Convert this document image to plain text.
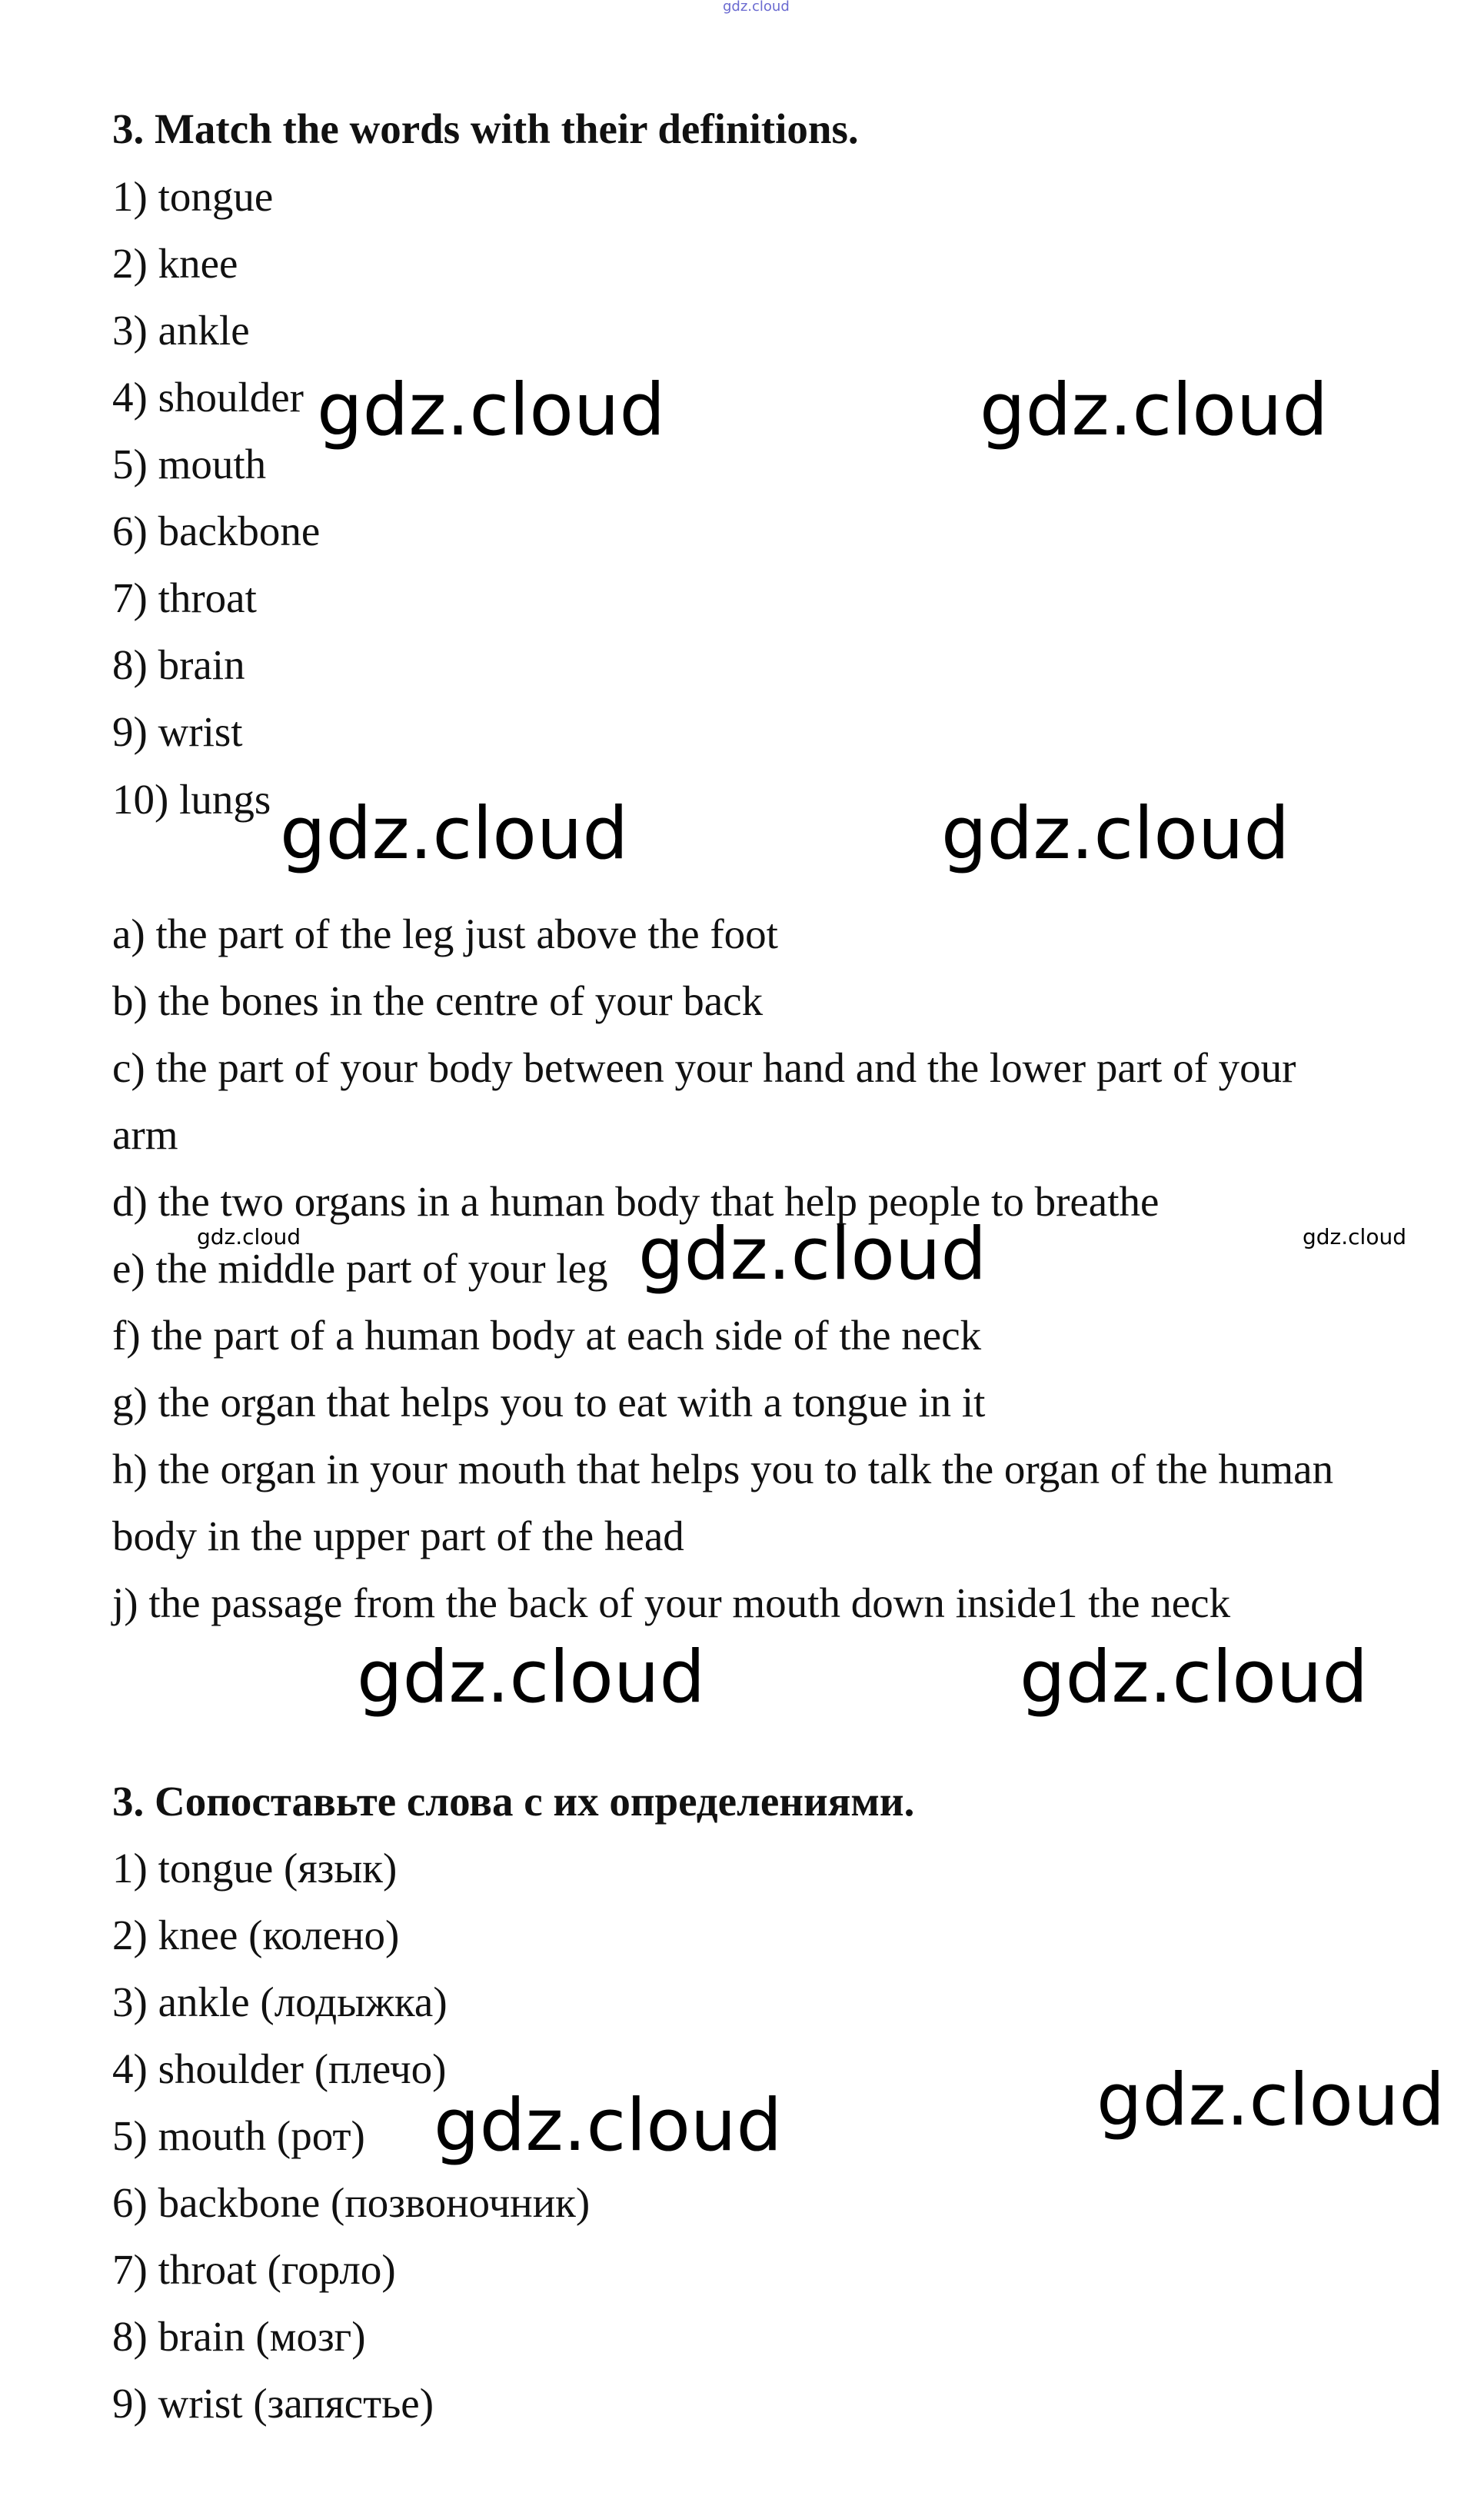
gdz.cloud
3. Match the words with their definitions.
1) tongue
2) knee
3) ankle
4) shoulder
5) mouth
6) backbone
7) throat
8) brain
9) wrist
10) lungs
a) the part of the leg just above the foot
b) the bones in the centre of your back
c) the part of your body between your hand and the lower part of your
arm
d) the two organs in a human body that help people to breathe
e) the middle part of your leg
f) the part of a human body at each side of the neck
g) the organ that helps you to eat with a tongue in it
h) the organ in your mouth that helps you to talk the organ of the human
body in the upper part of the head
j) the passage from the back of your mouth down inside1 the neck
3. Сопоставьте слова с их определениями.
1) tongue (язык)
2) knee (колено)
3) ankle (лодыжка)
4) shoulder (плечо)
5) mouth (рот)
6) backbone (позвоночник)
7) throat (горло)
8) brain (мозг)
9) wrist (запястье)
gdz.cloud	gdz.cloud
gdz.cloud	gdz.cloud
gdz.cloud	gdz.cloud
gdz.cloud
gdz.cloud	gdz.cloud
gdz.cloud
gdz.cloud
